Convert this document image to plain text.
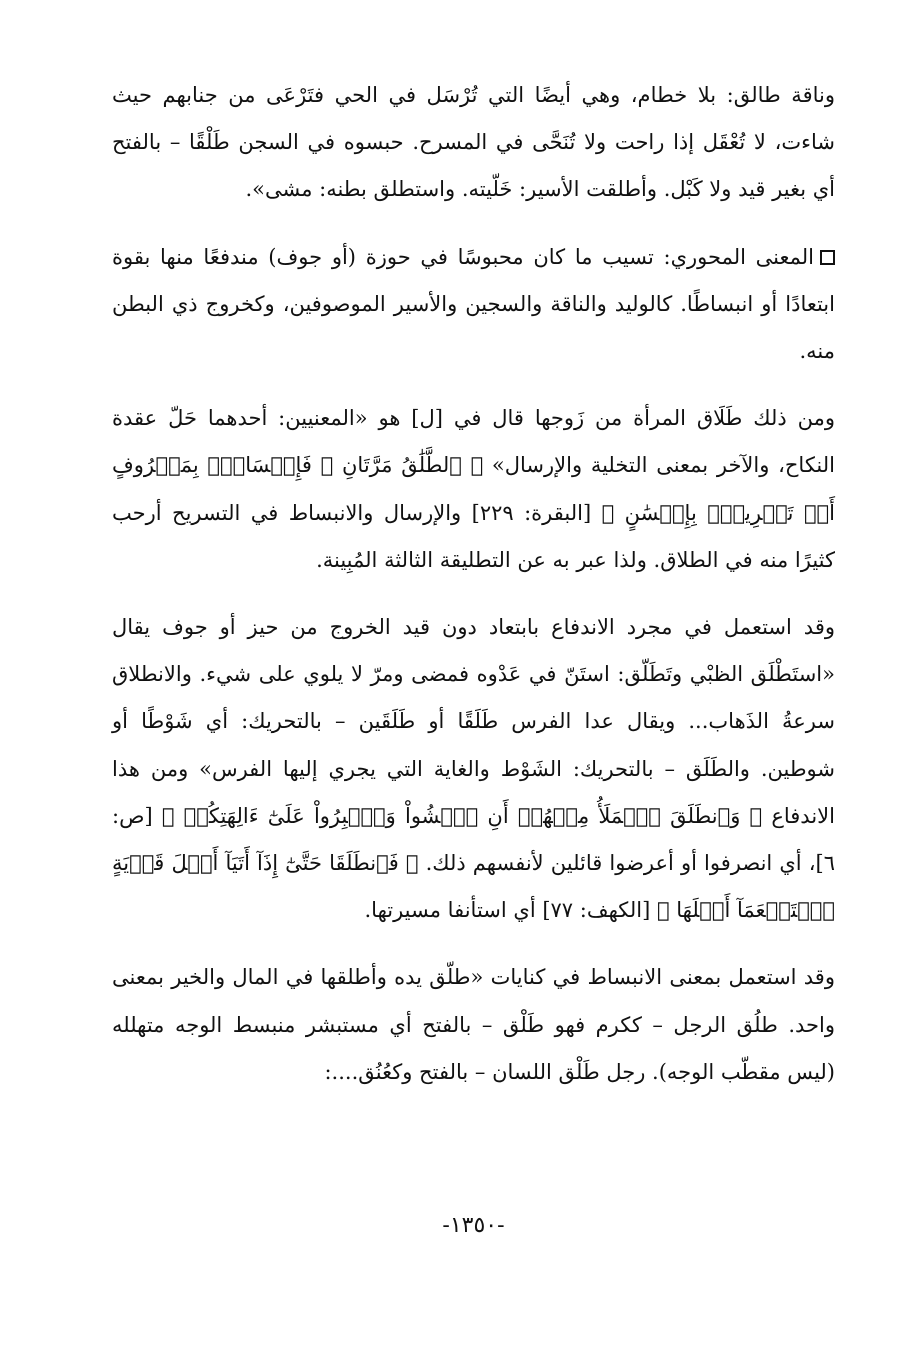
وناقة طالق: بلا خطام، وهي أيضًا التي تُرْسَل في الحي فتَرْعَى من جنابهم حيث شاءت، لا تُعْقَل إذا راحت ولا تُنَحَّى في المسرح. حبسوه في السجن طَلْقًا – بالفتح أي بغير قيد ولا كَبْل. وأطلقت الأسير: خَلّيته. واستطلق بطنه: مشى».

المعنى المحوري: تسيب ما كان محبوسًا في حوزة (أو جوف) مندفعًا منها بقوة ابتعادًا أو انبساطًا. كالوليد والناقة والسجين والأسير الموصوفين، وكخروج ذي البطن منه.

ومن ذلك طَلَاق المرأة من زَوجها قال في [ل] هو «المعنيين: أحدهما حَلّ عقدة النكاح، والآخر بمعنى التخلية والإرسال» ﴿ ٱلطَّلَٰقُ مَرَّتَانِ ۖ فَإِمۡسَاكُۢ بِمَعۡرُوفٍ أَوۡ تَسۡرِيحُۢ بِإِحۡسَٰنٍ ﴾ [البقرة: ٢٢٩] والإرسال والانبساط في التسريح أرحب كثيرًا منه في الطلاق. ولذا عبر به عن التطليقة الثالثة المُبِينة.

وقد استعمل في مجرد الاندفاع بابتعاد دون قيد الخروج من حيز أو جوف يقال «استَطْلَق الظبْي وتَطَلّق: استَنّ في عَدْوه فمضى ومرّ لا يلوي على شيء. والانطلاق سرعةُ الذَهاب... ويقال عدا الفرس طَلَقًا أو طَلَقَين – بالتحريك: أي شَوْطًا أو شوطين. والطَلَق – بالتحريك: الشَوْط والغاية التي يجري إليها الفرس» ومن هذا الاندفاع ﴿ وَٱنطَلَقَ ٱلۡمَلَأُ مِنۡهُمۡ أَنِ ٱمۡشُواْ وَٱصۡبِرُواْ عَلَىٰٓ ءَالِهَتِكُمۡ ﴾ [ص: ٦]، أي انصرفوا أو أعرضوا قائلين لأنفسهم ذلك. ﴿ فَٱنطَلَقَا حَتَّىٰٓ إِذَآ أَتَيَآ أَهۡلَ قَرۡيَةٍ ٱسۡتَطۡعَمَآ أَهۡلَهَا ﴾ [الكهف: ٧٧] أي استأنفا مسيرتها.

وقد استعمل بمعنى الانبساط في كنايات «طلّق يده وأطلقها في المال والخير بمعنى واحد. طلُق الرجل – ككرم فهو طَلْق – بالفتح أي مستبشر منبسط الوجه متهلله (ليس مقطّب الوجه). رجل طَلْق اللسان – بالفتح وكعُنُق....:

-١٣٥٠-
